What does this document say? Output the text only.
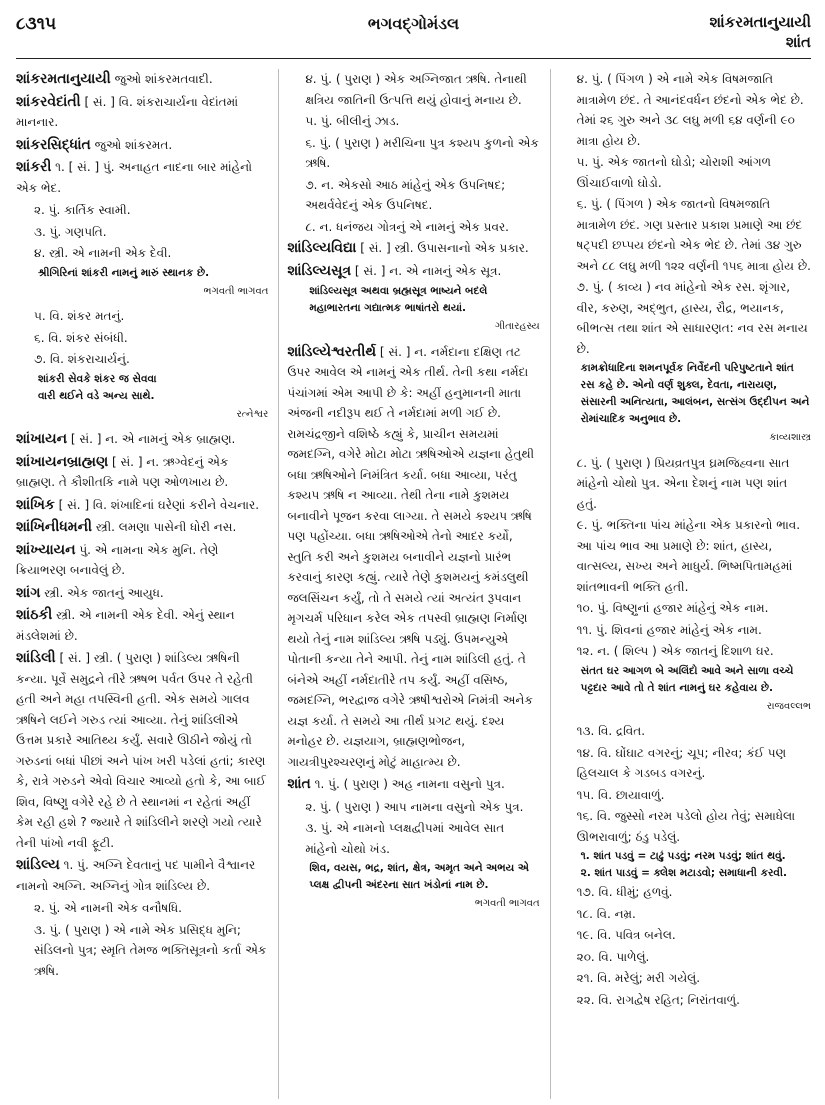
૮૩૧૫	ભગવદ્ગોમંડલ	શાંકરમતાનુયાયી
શાંત
શાંકરમતાનુયાયી જુઓ શાંકરમતવાદી.
શાંકરવેદાંતી [ સં. ] વિ. શંકરાચાર્યના વેદાંતમાં માનનાર.
શાંકરસિદ્ધાંત જુઓ શાંકરમત.
શાંકરી ૧. [ સં. ] પું. અનાહત નાદના બાર માંહેનો એક ભેદ.
૨. પું. કાર્તિક સ્વામી.
૩. પું. ગણપતિ.
૪. સ્ત્રી. એ નામની એક દેવી.
શ્રીગિરિનાં શાંકરી નામનું મારું સ્થાનક છે.
ભગવતી ભાગવત
૫. વિ. શંકર મતનું.
૬. વિ. શંકર સંબંધી.
૭. વિ. શંકરાચાર્યનું.
શાંકરી સેવકે શંકર જ સેવવા
વારી થઈને વડે અન્ય સાથે.
રત્નેશ્વર
શાંખાયન [ સં. ] ન. એ નામનું એક બ્રાહ્મણ.
શાંખાયનબ્રાહ્મણ [ સં. ] ન. ઋગ્વેદનું એક બ્રાહ્મણ. તે કૌશીતકિ નામે પણ ઓળખાય છે.
શાંખિક [ સં. ] વિ. શંખાદિનાં ઘરેણાં કરીને વેચનાર.
શાંખિનીધમની સ્ત્રી. લમણા પાસેની ધોરી નસ.
શાંખ્યાયન પું. એ નામના એક મુનિ. તેણે ક્રિયાભરણ બનાવેલું છે.
શાંગ સ્ત્રી. એક જાતનું આયુધ.
શાંઠકી સ્ત્રી. એ નામની એક દેવી. એનું સ્થાન મંડલેશમાં છે.
શાંડિલી [ સં. ] સ્ત્રી. ( પુરાણ ) શાંડિલ્ય ઋષિની કન્યા. પૂર્વે સમુદ્રને તીરે ઋષભ પર્વત ઉપર તે રહેતી હતી અને મહા તપસ્વિની હતી. એક સમયે ગાલવ ઋષિને લઈને ગરુડ ત્યાં આવ્યા. તેનું શાંડિલીએ ઉત્તમ પ્રકારે આતિથ્ય કર્યું. સવારે ઊઠીને જોયું તો ગરુડનાં બધાં પીછાં અને પાંખ ખરી પડેલાં હતાં; કારણ કે, રાત્રે ગરુડને એવો વિચાર આવ્યો હતો કે, આ બાઈ શિવ, વિષ્ણુ વગેરે રહે છે તે સ્થાનમાં ન રહેતાં અહીં કેમ રહી હશે ? જ્યારે તે શાંડિલીને શરણે ગયો ત્યારે તેની પાંખો નવી ફૂટી.
શાંડિલ્ય ૧. પું. અગ્નિ દેવતાનું પદ પામીને વૈશ્વાનર નામનો અગ્નિ. અગ્નિનું ગોત્ર શાંડિલ્ય છે.
૨. પું. એ નામની એક વનૌષધિ.
૩. પું. ( પુરાણ ) એ નામે એક પ્રસિદ્ધ મુનિ; સંડિલનો પુત્ર; સ્મૃતિ તેમજ ભક્તિસૂત્રનો કર્તા એક ઋષિ.
૪. પું. ( પુરાણ ) એક અગ્નિજાત ઋષિ. તેનાથી ક્ષત્રિય જાતિની ઉત્પત્તિ થયું હોવાનું મનાય છે.
૫. પું. બીલીનું ઝાડ.
૬. પું. ( પુરાણ ) મરીચિના પુત્ર કશ્યપ કુળનો એક ઋષિ.
૭. ન. એકસો આઠ માંહેનું એક ઉપનિષદ; અથર્વવેદનું એક ઉપનિષદ.
૮. ન. ધનંજય ગોત્રનું એ નામનું એક પ્રવર.
શાંડિલ્યવિદ્યા [ સં. ] સ્ત્રી. ઉપાસનાનો એક પ્રકાર.
શાંડિલ્યસૂત્ર [ સં. ] ન. એ નામનું એક સૂત્ર.
શાંડિલ્યસૂત્ર અથવા બ્રહ્મસૂત્ર ભાષ્યને બદલે મહાભારતના ગદ્યાત્મક ભાષાંતરો થયાં.
ગીતારહસ્ય
શાંડિલ્યેશ્વરતીર્થ [ સં. ] ન. નર્મદાના દક્ષિણ તટ ઉપર આવેલ એ નામનું એક તીર્થ. તેની કથા નર્મદા પંચાંગમાં એમ આપી છે કે: અહીં હનુમાનની માતા અંજની નદીરૂપ થઈ તે નર્મદામાં મળી ગઈ છે. રામચંદ્રજીને વશિષ્ઠે કહ્યું કે, પ્રાચીન સમયમાં જમદગ્નિ, વગેરે મોટા મોટા ઋષિઓએ યજ્ઞના હેતુથી બધા ઋષિઓને નિમંત્રિત કર્યા. બધા આવ્યા, પરંતુ કશ્યપ ઋષિ ન આવ્યા. તેથી તેના નામે કુશમય બનાવીને પૂજન કરવા લાગ્યા. તે સમયે કશ્યપ ઋષિ પણ પહોંચ્યા. બધા ઋષિઓએ તેનો આદર કર્યો, સ્તુતિ કરી અને કુશમય બનાવીને યજ્ઞનો પ્રારંભ કરવાનું કારણ કહ્યું. ત્યારે તેણે કુશમયનું કમંડલુથી જલસિંચન કર્યું, તો તે સમયે ત્યાં અત્યંત રૂપવાન મૃગચર્મ પરિધાન કરેલ એક તપસ્વી બ્રાહ્મણ નિર્માણ થયો તેનું નામ શાંડિલ્ય ઋષિ પડ્યું. ઉપમન્યુએ પોતાની કન્યા તેને આપી. તેનું નામ શાંડિલી હતું. તે બંનેએ અહીં નર્મદાતીરે તપ કર્યું. અહીં વસિષ્ઠ, જમદગ્નિ, ભરદ્વાજ વગેરે ઋષીશ્વરોએ નિમંત્રી અનેક યજ્ઞ કર્યા. તે સમયે આ તીર્થ પ્રગટ થયું. દશ્ય મનોહર છે. યજ્ઞયાગ, બ્રાહ્મણભોજન, ગાયત્રીપુરશ્ચરણનું મોટું માહાત્મ્ય છે.
શાંત ૧. પું. ( પુરાણ ) અહ નામના વસુનો પુત્ર.
૨. પું. ( પુરાણ ) આપ નામના વસુનો એક પુત્ર.
૩. પું. એ નામનો પ્લક્ષદ્વીપમાં આવેલ સાત માંહેનો ચોથો ખંડ.
શિવ, વયસ, ભદ્ર, શાંત, ક્ષેત્ર, અમૃત અને અભય એ પ્લક્ષ દ્વીપની અંદરના સાત ખંડોનાં નામ છે.
ભગવતી ભાગવત
૪. પું. ( પિંગળ ) એ નામે એક વિષમજાતિ માત્રામેળ છંદ. તે આનંદવર્ધન છંદનો એક ભેદ છે. તેમાં ૨૬ ગુરુ અને ૩૮ લઘુ મળી ૬૪ વર્ણની ૯૦ માત્રા હોય છે.
૫. પું. એક જાતનો ઘોડો; ચોરાશી આંગળ ઊંચાઈવાળો ઘોડો.
૬. પું. ( પિંગળ ) એક જાતનો વિષમજાતિ માત્રામેળ છંદ. ગણ પ્રસ્તાર પ્રકાશ પ્રમાણે આ છંદ ષટ્પદી છપ્પય છંદનો એક ભેદ છે. તેમાં ૩૪ ગુરુ અને ૮૮ લઘુ મળી ૧૨૨ વર્ણની ૧૫૬ માત્રા હોય છે.
૭. પું. ( કાવ્ય ) નવ માંહેનો એક રસ. શૃંગાર, વીર, કરુણ, અદ્ભુત, હાસ્ય, રૌદ્ર, ભયાનક, બીભત્સ તથા શાંત એ સાધારણત: નવ રસ મનાય છે.
કામક્રોધાદિના શમનપૂર્વક નિર્વેદની પરિપુષ્ટતાને શાંત રસ કહે છે. એનો વર્ણ શુક્લ, દેવતા, નારાયણ, સંસારની અનિત્યતા, આલંબન, સત્સંગ ઉદ્દીપન અને રોમાંચાદિક અનુભાવ છે.
કાવ્યશાસ્ત્ર
૮. પું. ( પુરાણ ) પ્રિયવ્રતપુત્ર ઘ્રમજિહ્વના સાત માંહેનો ચોથો પુત્ર. એના દેશનું નામ પણ શાંત હતું.
૯. પું. ભક્તિના પાંચ માંહેના એક પ્રકારનો ભાવ. આ પાંચ ભાવ આ પ્રમાણે છે: શાંત, હાસ્ય, વાત્સલ્ય, સખ્ય અને માધુર્ય. ભિષ્મપિતામહમાં શાંતભાવની ભક્તિ હતી.
૧૦. પું. વિષ્ણુનાં હજાર માંહેનું એક નામ.
૧૧. પું. શિવનાં હજાર માંહેનું એક નામ.
૧૨. ન. ( શિલ્પ ) એક જાતનું દિશાળ ઘર.
સંતત ઘર આગળ બે અલિંદો આવે અને સાળા વચ્ચે પટ્ટદાર આવે તો તે શાંત નામનું ઘર કહેવાય છે.
રાજવલ્લભ
૧૩. વિ. દ્રવિત.
૧૪. વિ. ઘોંઘાટ વગરનું; ચૂપ; નીરવ; કંઈ પણ હિલચાલ કે ગડબડ વગરનું.
૧૫. વિ. છાયાવાળું.
૧૬. વિ. જુસ્સો નરમ પડેલો હોય તેવું; સમાધેલા ઊભરાવાળું; ઠંડુ પડેલું.
૧. શાંત પડવું = ટાઢું પડવું; નરમ પડવું; શાંત થવું.
૨. શાંત પાડવું = ક્લેશ મટાડવો; સમાધાની કરવી.
૧૭. વિ. ધીમું; હળવું.
૧૮. વિ. નમ્ર.
૧૯. વિ. પવિત્ર બનેલ.
૨૦. વિ. પાળેલું.
૨૧. વિ. મરેલું; મરી ગયેલું.
૨૨. વિ. રાગદ્વેષ રહિત; નિરાંતવાળું.
